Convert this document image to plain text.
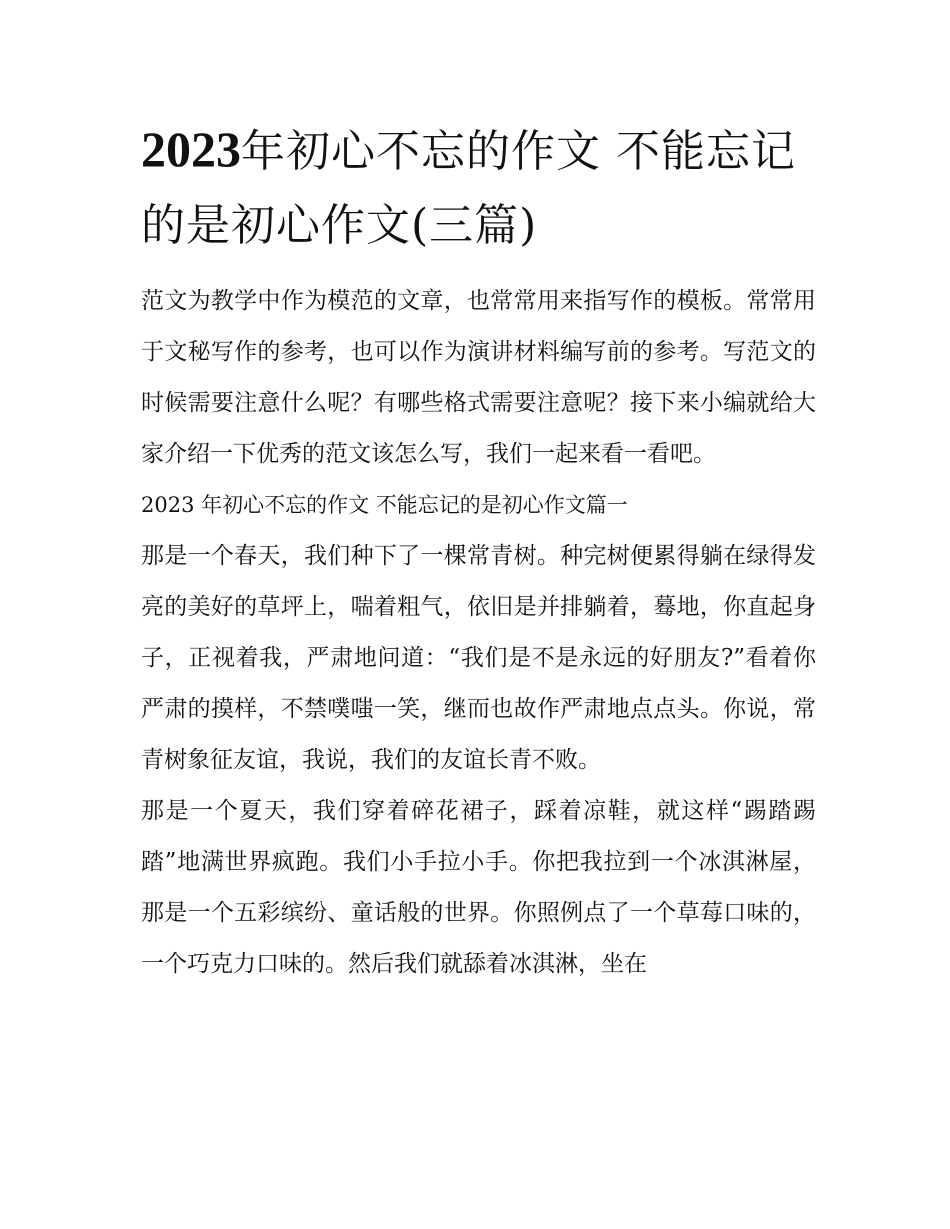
2023年初心不忘的作文 不能忘记的是初心作文(三篇)

范文为教学中作为模范的文章，也常常用来指写作的模板。常常用于文秘写作的参考，也可以作为演讲材料编写前的参考。写范文的时候需要注意什么呢？有哪些格式需要注意呢？接下来小编就给大家介绍一下优秀的范文该怎么写，我们一起来看一看吧。

2023 年初心不忘的作文 不能忘记的是初心作文篇一

那是一个春天，我们种下了一棵常青树。种完树便累得躺在绿得发亮的美好的草坪上，喘着粗气，依旧是并排躺着，蓦地，你直起身子，正视着我，严肃地问道：“我们是不是永远的好朋友?”看着你严肃的摸样，不禁噗嗤一笑，继而也故作严肃地点点头。你说，常青树象征友谊，我说，我们的友谊长青不败。

那是一个夏天，我们穿着碎花裙子，踩着凉鞋，就这样“踢踏踢踏”地满世界疯跑。我们小手拉小手。你把我拉到一个冰淇淋屋，那是一个五彩缤纷、童话般的世界。你照例点了一个草莓口味的，一个巧克力口味的。然后我们就舔着冰淇淋，坐在
